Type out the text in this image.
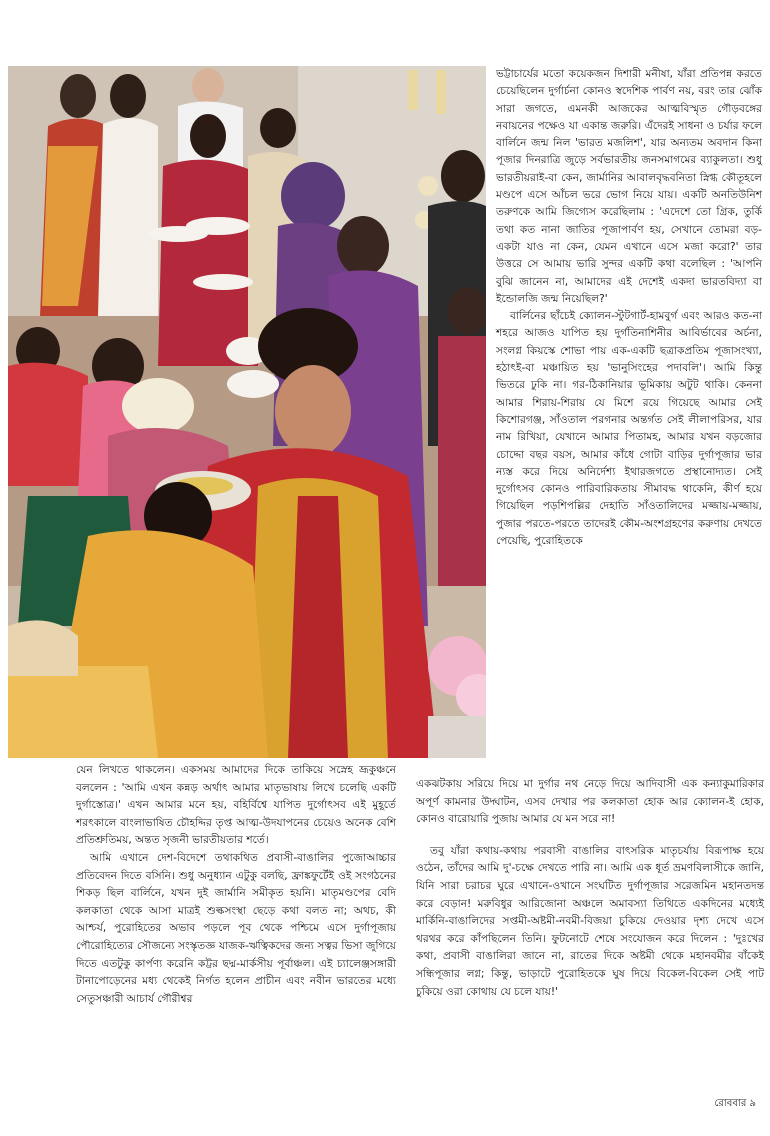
ভট্টাচার্যের মতো কয়েকজন দিশারী মনীষা, যাঁরা প্রতিপন্ন করতে চেয়েছিলেন দুর্গার্চনা কোনও স্বদেশিক পার্বণ নয়, বরং তার ঝোঁক সারা জগতে, এমনকী আজকের আত্মবিস্মৃত গৌড়বঙ্গের নবায়নের পক্ষেও যা একান্ত জরুরি। এঁদেরই সাধনা ও চর্যার ফলে বার্লিনে জন্ম নিল 'ভারত মজলিশ', যার অন্যতম অবদান কিনা পূজার দিনরাত্রি জুড়ে সর্বভারতীয় জনসমাগমের ব্যাকুলতা। শুধু ভারতীয়রাই-বা কেন, জার্মানির আবালবৃদ্ধবনিতা স্নিগ্ধ কৌতূহলে মণ্ডপে এসে আঁচল ভরে ভোগ নিয়ে যায়। একটি অনতিউনিশ তরুণকে আমি জিগ্যেস করেছিলাম : 'এদেশে তো গ্রিক, তুর্কি তথা কত নানা জাতির পূজাপার্বণ হয়, সেখানে তোমরা বড়-একটা যাও না কেন, যেমন এখানে এসে মজা করো?' তার উত্তরে সে আমায় ভারি সুন্দর একটি কথা বলেছিল : 'আপনি বুঝি জানেন না, আমাদের এই দেশেই একদা ভারতবিদ্যা বা ইন্ডোলজি জন্ম নিয়েছিল?'

বার্লিনের ছাঁচেই ক্যোলন-স্টুটগার্ট-হামবুর্গ এবং আরও কত-না শহরে আজও যাপিত হয় দুর্গতিনাশিনীর আবির্ভাবের অর্চনা, সংলগ্ন কিয়স্কে শোভা পায় এক-একটি ছত্রাকপ্রতিম পূজাসংখ্যা, হঠাৎই-বা মঞ্চায়িত হয় 'ভানুসিংহের পদাবলি'। আমি কিন্তু ভিতরে ঢুকি না। গর-ঠিকানিয়ার ভূমিকায় অটুট থাকি। কেননা আমার শিরায়-শিরায় যে মিশে রয়ে গিয়েছে আমার সেই কিশোরগঞ্জ, সাঁওতাল পরগনার অন্তর্গত সেই লীলাপরিসর, যার নাম রিখিয়া, যেখানে আমার পিতামহ, আমার যখন বড়জোর চোদ্দো বছর বয়স, আমার কাঁধে গোটা বাড়ির দুর্গাপূজার ভার ন্যস্ত করে দিয়ে অনির্দেশ্য ইথারজগতে প্রস্থানোদ্যত। সেই দুর্গোৎসব কোনও পারিবারিকতায় সীমাবদ্ধ থাকেনি, কীর্ণ হয়ে গিয়েছিল পড়শিপল্লির দেহাতি সাঁওতালিদের মজ্জায়-মজ্জায়, পুজার পরতে-পরতে তাদেরই কৌম-অংশগ্রহণের করুণায় দেখতে পেয়েছি, পুরোহিতকে

যেন লিখতে থাকলেন। একসময় আমাদের দিকে তাকিয়ে সস্নেহ ভ্রূকুঞ্চনে বললেন : 'আমি এখন কন্নড় অর্থাৎ আমার মাতৃভাষায় লিখে চলেছি একটি দুর্গাস্তোত্র।' এখন আমার মনে হয়, বহির্বিশ্বে যাপিত দুর্গোৎসব এই মুহূর্তে শরৎকালে বাংলাভাষিত চৌহদ্দির তৃপ্ত আত্ম-উদযাপনের চেয়েও অনেক বেশি প্রতিশ্রুতিময়, অন্তত সৃজনী ভারতীয়তার শর্তে।

আমি এখানে দেশ-বিদেশে তথাকথিত প্রবাসী-বাঙালির পুজোআচ্চার প্রতিবেদন দিতে বসিনি। শুধু অনুধ্যান এটুকু বলছি, ফ্রাঙ্কফুর্টেই ওই সংগঠনের শিকড় ছিল বার্লিনে, যখন দুই জার্মানি সমীকৃত হয়নি। মাতৃমণ্ডপের বেদি কলকাতা থেকে আসা মাত্রই শুল্কসংস্থা ছেড়ে কথা বলত না; অথচ, কী আশ্চর্য, পুরোহিতের অভাব পড়লে পূব থেকে পশ্চিমে এসে দুর্গাপূজায় পৌরোহিত্যের সৌজন্যে সংস্কৃতজ্ঞ যাজক-ঋত্বিকদের জন্য সত্বর ভিসা জুগিয়ে দিতে এতটুকু কার্পণ্য করেনি কট্টর ছদ্ম-মার্কসীয় পূর্বাঞ্চল। এই চ্যালেঞ্জসঙ্গারী টানাপোড়েনের মধ্য থেকেই নির্গত হলেন প্রাচীন এবং নবীন ভারতের মধ্যে সেতুসঞ্চারী আচার্য গৌরীশ্বর

একঝটকায় সরিয়ে দিয়ে মা দুর্গার নথ নেড়ে দিয়ে আদিবাসী এক কন্যাকুমারিকার অপূর্ণ কামনার উদ্ঘাটন, এসব দেখার পর কলকাতা হোক আর ক্যোলন-ই হোক, কোনও বারোয়ারি পুজায় আমার যে মন সরে না!

তবু যাঁরা কথায়-কথায় পরবাসী বাঙালির বাৎসরিক মাতৃচর্যায় বিরূপাক্ষ হয়ে ওঠেন, তাঁদের আমি দু'-চক্ষে দেখতে পারি না। আমি এক ধূর্ত ভ্রমণবিলাসীকে জানি, যিনি সারা চরাচর ঘুরে এখানে-ওখানে সংঘটিত দুর্গাপূজার সরেজমিন মহানতদন্ত করে বেড়ান! মরুবিধুর আরিজোনা অঞ্চলে অমাবস্যা তিথিতে একদিনের মধ্যেই মার্কিনি-বাঙালিদের সপ্তমী-অষ্টমী-নবমী-বিজয়া চুকিয়ে দেওয়ার দৃশ্য দেখে এসে থরথর করে কাঁপছিলেন তিনি। ফুটনোটে শেষে সংযোজন করে দিলেন : 'দুঃখের কথা, প্রবাসী বাঙালিরা জানে না, রাতের দিকে অষ্টমী থেকে মহানবমীর বাঁকেই সন্ধিপূজার লগ্ন; কিন্তু, ভাড়াটে পুরোহিতকে ঘুষ দিয়ে বিকেল-বিকেল সেই পাট চুকিয়ে ওরা কোথায় যে চলে যায়!'

রোববার ৯
